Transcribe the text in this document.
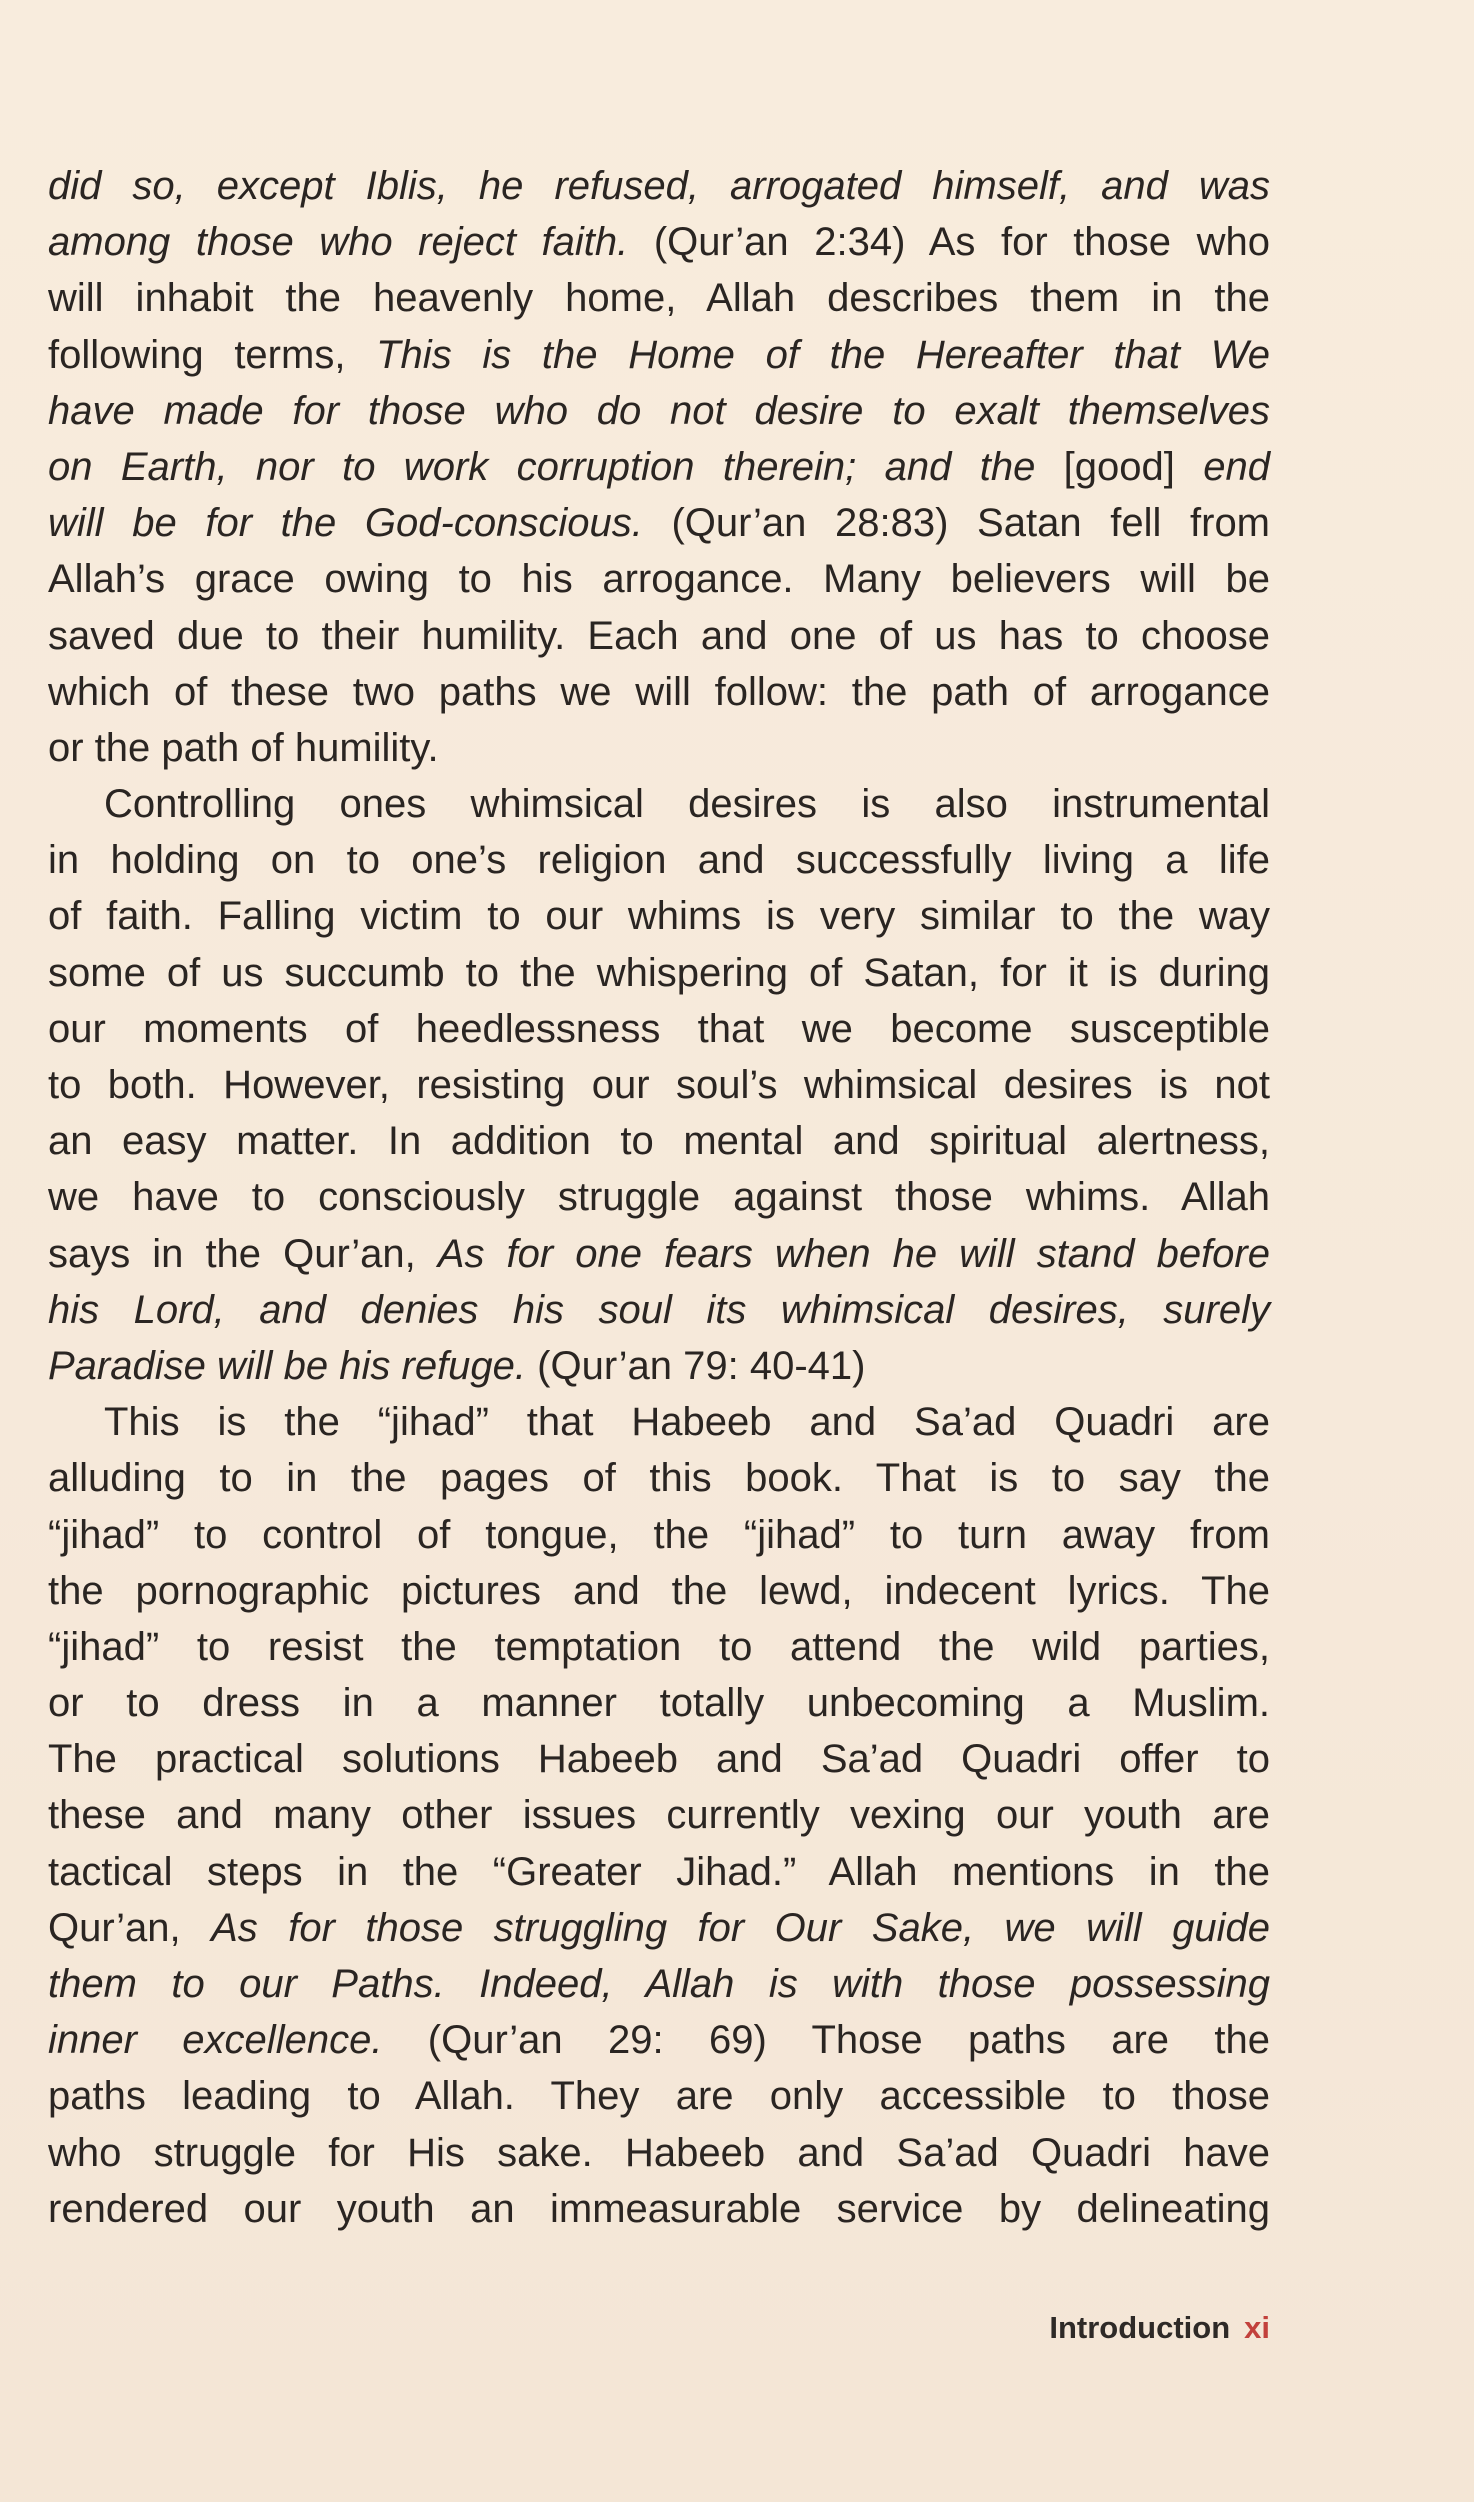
did so, except Iblis, he refused, arrogated himself, and was
among those who reject faith. (Qur’an 2:34) As for those who
will inhabit the heavenly home, Allah describes them in the
following terms, This is the Home of the Hereafter that We
have made for those who do not desire to exalt themselves
on Earth, nor to work corruption therein; and the [good] end
will be for the God-conscious. (Qur’an 28:83) Satan fell from
Allah’s grace owing to his arrogance. Many believers will be
saved due to their humility. Each and one of us has to choose
which of these two paths we will follow: the path of arrogance
or the path of humility.
Controlling ones whimsical desires is also instrumental
in holding on to one’s religion and successfully living a life
of faith. Falling victim to our whims is very similar to the way
some of us succumb to the whispering of Satan, for it is during
our moments of heedlessness that we become susceptible
to both. However, resisting our soul’s whimsical desires is not
an easy matter. In addition to mental and spiritual alertness,
we have to consciously struggle against those whims. Allah
says in the Qur’an, As for one fears when he will stand before
his Lord, and denies his soul its whimsical desires, surely
Paradise will be his refuge. (Qur’an 79: 40-41)
This is the “jihad” that Habeeb and Sa’ad Quadri are
alluding to in the pages of this book. That is to say the
“jihad” to control of tongue, the “jihad” to turn away from
the pornographic pictures and the lewd, indecent lyrics. The
“jihad” to resist the temptation to attend the wild parties,
or to dress in a manner totally unbecoming a Muslim.
The practical solutions Habeeb and Sa’ad Quadri offer to
these and many other issues currently vexing our youth are
tactical steps in the “Greater Jihad.” Allah mentions in the
Qur’an, As for those struggling for Our Sake, we will guide
them to our Paths. Indeed, Allah is with those possessing
inner excellence. (Qur’an 29: 69) Those paths are the
paths leading to Allah. They are only accessible to those
who struggle for His sake. Habeeb and Sa’ad Quadri have
rendered our youth an immeasurable service by delineating
Introduction xi
